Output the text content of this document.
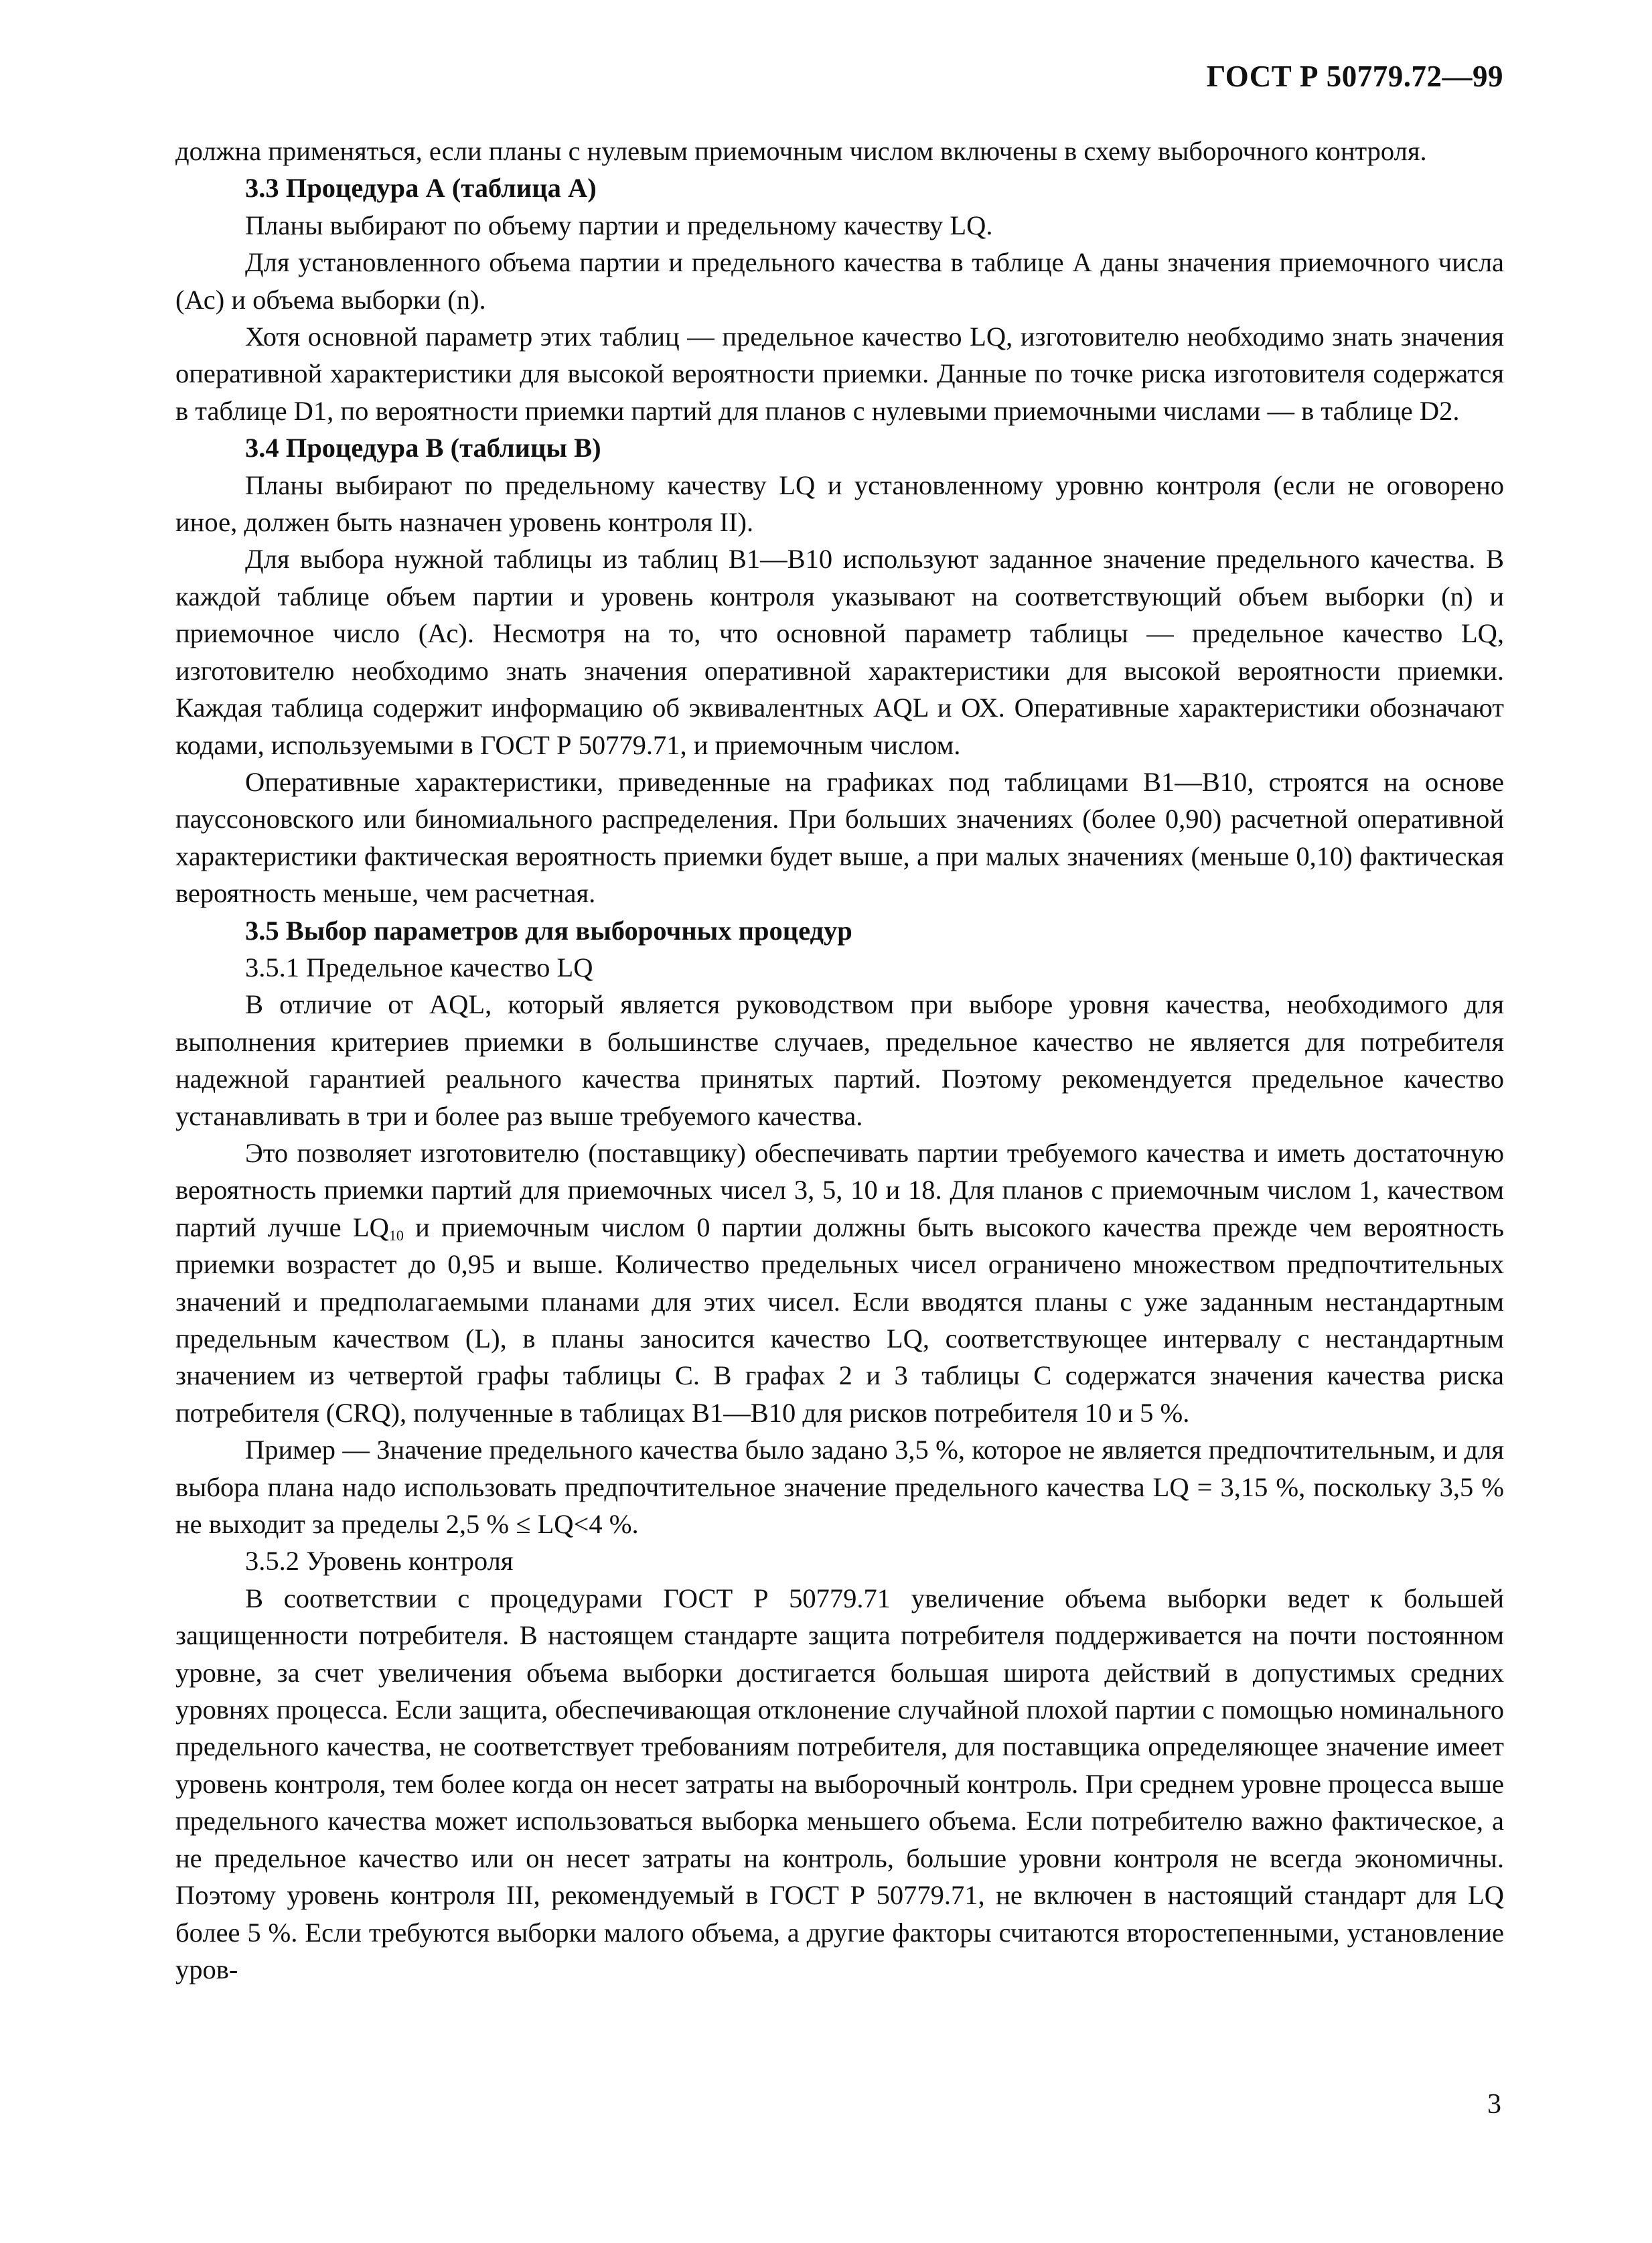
ГОСТ Р 50779.72—99

должна применяться, если планы с нулевым приемочным числом включены в схему выборочного контроля.

3.3 Процедура А (таблица А)

Планы выбирают по объему партии и предельному качеству LQ.

Для установленного объема партии и предельного качества в таблице А даны значения приемочного числа (Ас) и объема выборки (n).

Хотя основной параметр этих таблиц — предельное качество LQ, изготовителю необходимо знать значения оперативной характеристики для высокой вероятности приемки. Данные по точке риска изготовителя содержатся в таблице D1, по вероятности приемки партий для планов с нулевыми приемочными числами — в таблице D2.

3.4 Процедура В (таблицы В)

Планы выбирают по предельному качеству LQ и установленному уровню контроля (если не оговорено иное, должен быть назначен уровень контроля II).

Для выбора нужной таблицы из таблиц В1—В10 используют заданное значение предельного качества. В каждой таблице объем партии и уровень контроля указывают на соответствующий объем выборки (n) и приемочное число (Ас). Несмотря на то, что основной параметр таблицы — предельное качество LQ, изготовителю необходимо знать значения оперативной характеристики для высокой вероятности приемки. Каждая таблица содержит информацию об эквивалентных AQL и ОХ. Оперативные характеристики обозначают кодами, используемыми в ГОСТ Р 50779.71, и приемочным числом.

Оперативные характеристики, приведенные на графиках под таблицами В1—В10, строятся на основе пауссоновского или биномиального распределения. При больших значениях (более 0,90) расчетной оперативной характеристики фактическая вероятность приемки будет выше, а при малых значениях (меньше 0,10) фактическая вероятность меньше, чем расчетная.

3.5 Выбор параметров для выборочных процедур

3.5.1 Предельное качество LQ

В отличие от AQL, который является руководством при выборе уровня качества, необходимого для выполнения критериев приемки в большинстве случаев, предельное качество не является для потребителя надежной гарантией реального качества принятых партий. Поэтому рекомендуется предельное качество устанавливать в три и более раз выше требуемого качества.

Это позволяет изготовителю (поставщику) обеспечивать партии требуемого качества и иметь достаточную вероятность приемки партий для приемочных чисел 3, 5, 10 и 18. Для планов с приемочным числом 1, качеством партий лучше $LQ_{10}$ и приемочным числом 0 партии должны быть высокого качества прежде чем вероятность приемки возрастет до 0,95 и выше. Количество предельных чисел ограничено множеством предпочтительных значений и предполагаемыми планами для этих чисел. Если вводятся планы с уже заданным нестандартным предельным качеством (L), в планы заносится качество LQ, соответствующее интервалу с нестандартным значением из четвертой графы таблицы С. В графах 2 и 3 таблицы С содержатся значения качества риска потребителя (CRQ), полученные в таблицах В1—В10 для рисков потребителя 10 и 5 %.

Пример — Значение предельного качества было задано 3,5 %, которое не является предпочтительным, и для выбора плана надо использовать предпочтительное значение предельного качества LQ = 3,15 %, поскольку 3,5 % не выходит за пределы 2,5 % ≤ LQ<4 %.

3.5.2 Уровень контроля

В соответствии с процедурами ГОСТ Р 50779.71 увеличение объема выборки ведет к большей защищенности потребителя. В настоящем стандарте защита потребителя поддерживается на почти постоянном уровне, за счет увеличения объема выборки достигается большая широта действий в допустимых средних уровнях процесса. Если защита, обеспечивающая отклонение случайной плохой партии с помощью номинального предельного качества, не соответствует требованиям потребителя, для поставщика определяющее значение имеет уровень контроля, тем более когда он несет затраты на выборочный контроль. При среднем уровне процесса выше предельного качества может использоваться выборка меньшего объема. Если потребителю важно фактическое, а не предельное качество или он несет затраты на контроль, большие уровни контроля не всегда экономичны. Поэтому уровень контроля III, рекомендуемый в ГОСТ Р 50779.71, не включен в настоящий стандарт для LQ более 5 %. Если требуются выборки малого объема, а другие факторы считаются второстепенными, установление уров-

3
